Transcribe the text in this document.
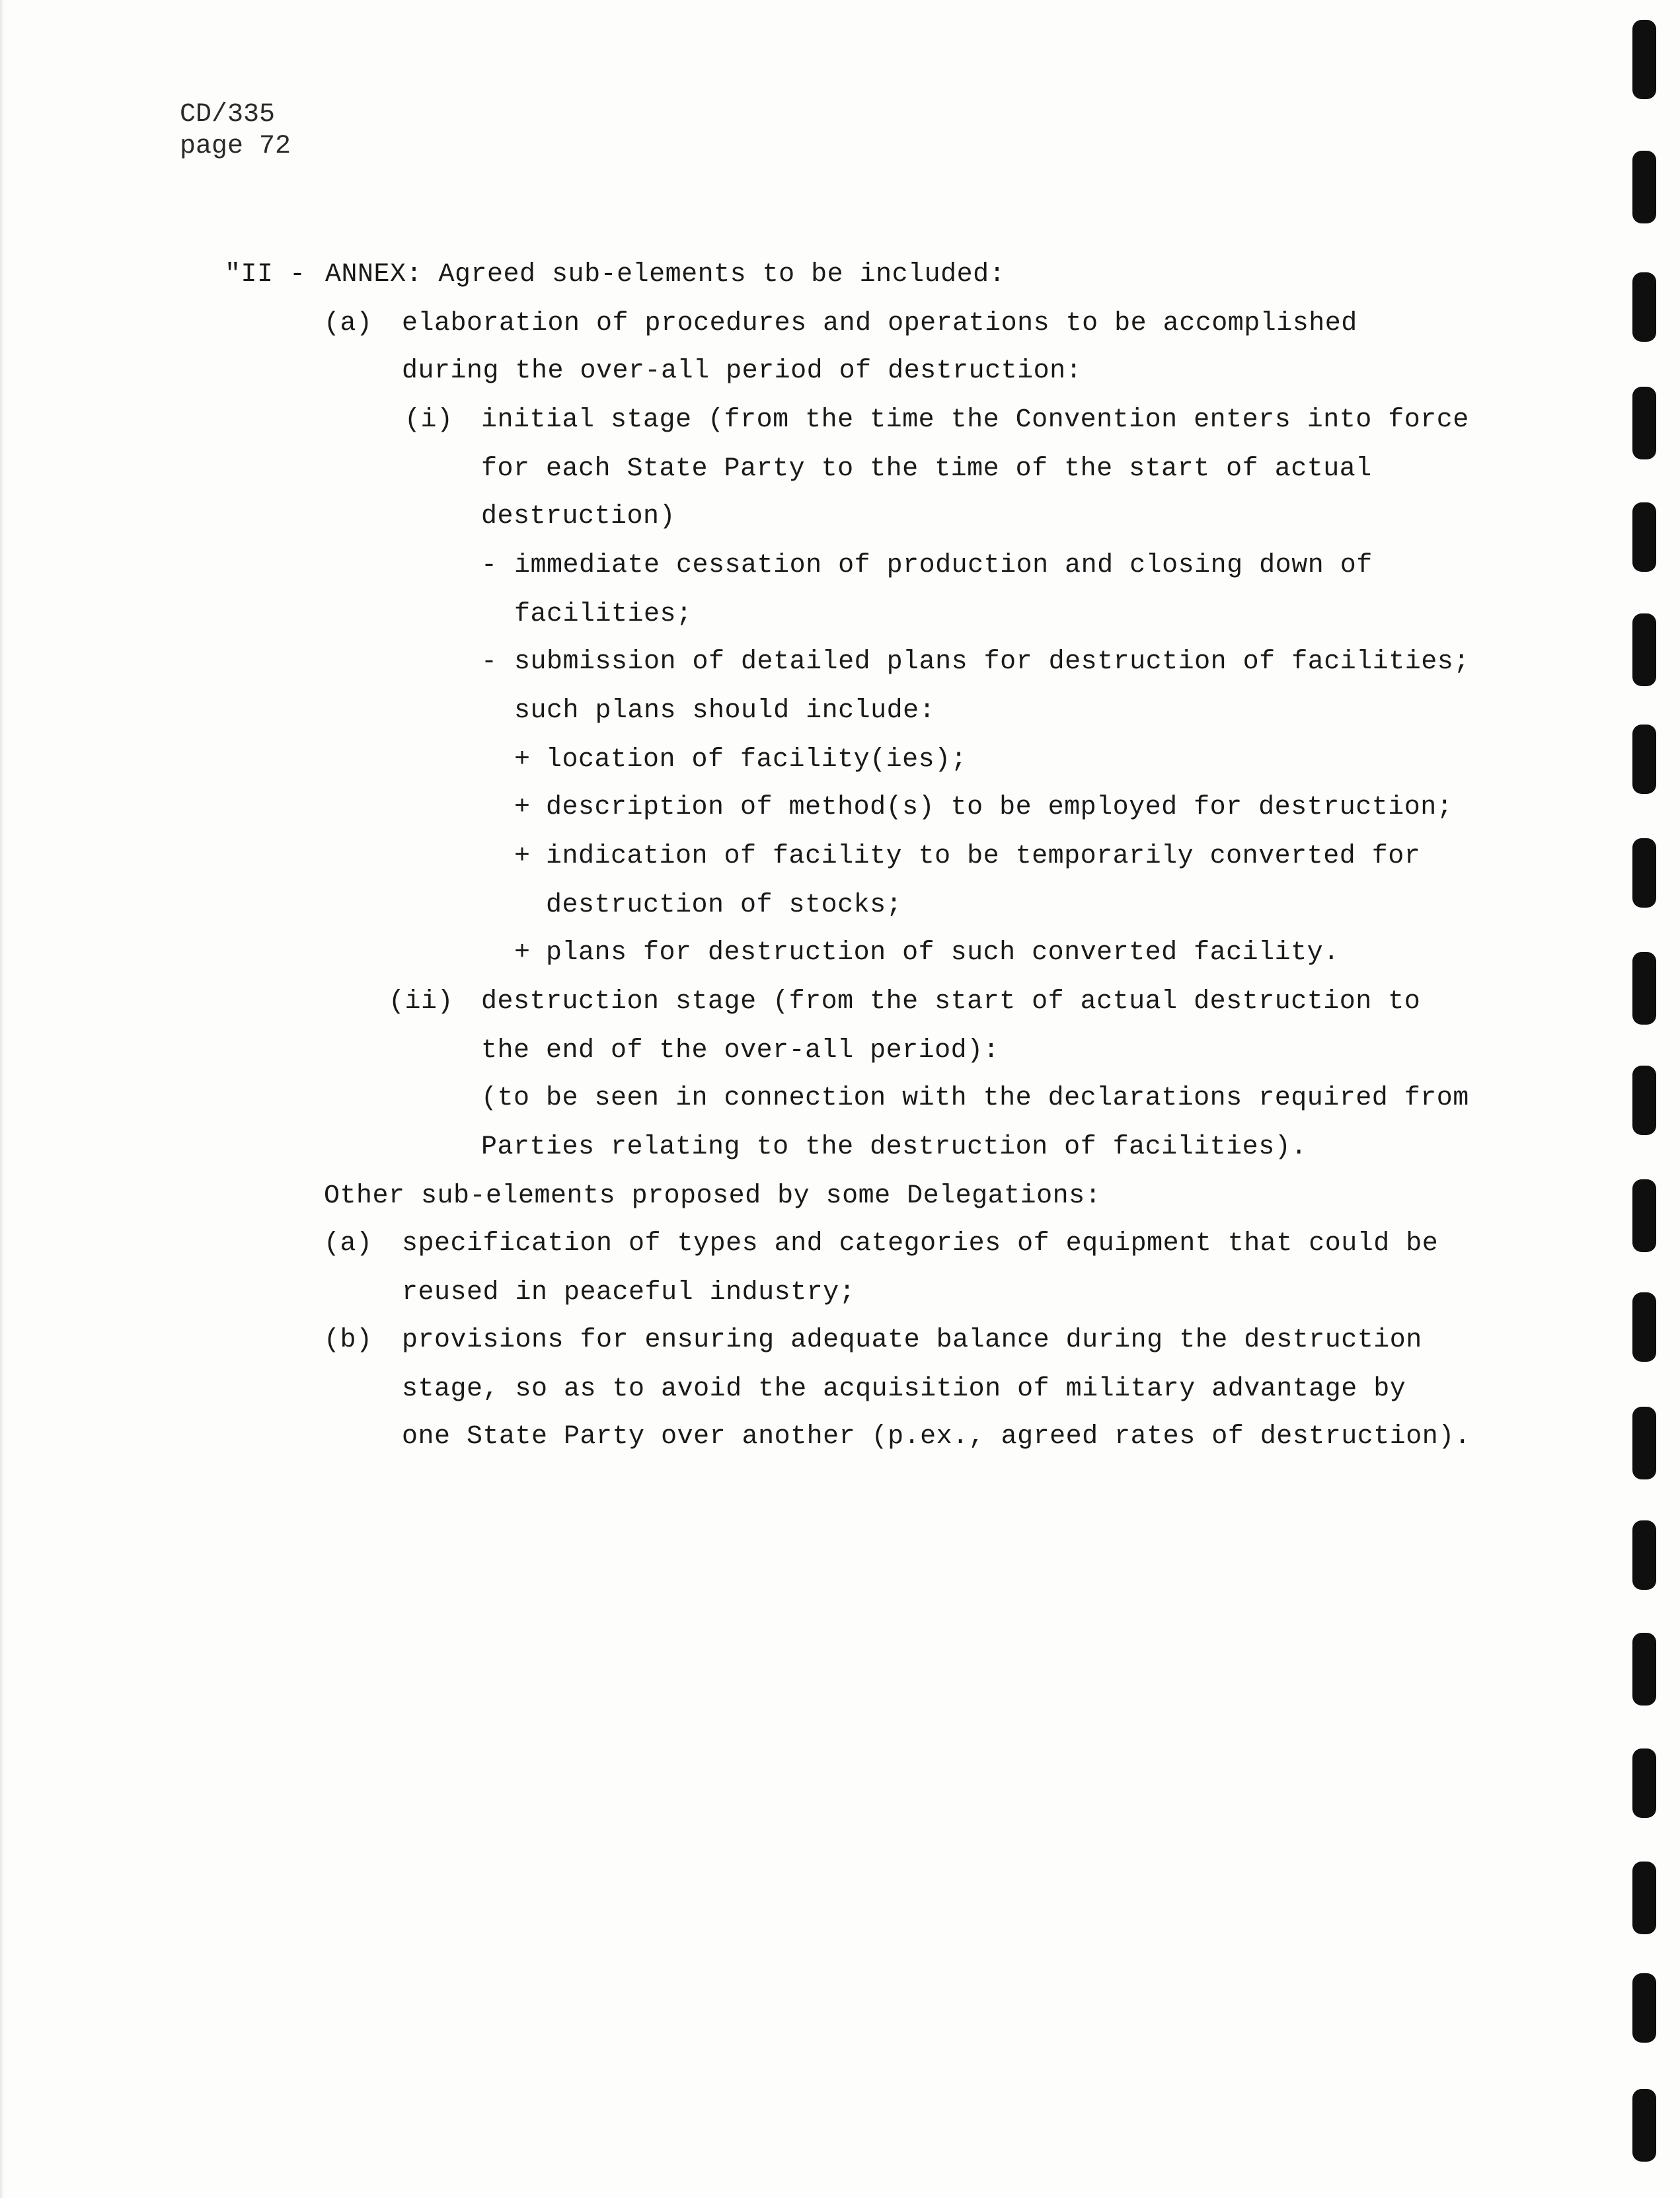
CD/335
page 72
"II - ANNEX: Agreed sub-elements to be included:
(a) elaboration of procedures and operations to be accomplished
during the over-all period of destruction:
(i) initial stage (from the time the Convention enters into force
for each State Party to the time of the start of actual
destruction)
- immediate cessation of production and closing down of
facilities;
- submission of detailed plans for destruction of facilities;
such plans should include:
+ location of facility(ies);
+ description of method(s) to be employed for destruction;
+ indication of facility to be temporarily converted for
destruction of stocks;
+ plans for destruction of such converted facility.
(ii) destruction stage (from the start of actual destruction to
the end of the over-all period):
(to be seen in connection with the declarations required from
Parties relating to the destruction of facilities).
Other sub-elements proposed by some Delegations:
(a) specification of types and categories of equipment that could be
reused in peaceful industry;
(b) provisions for ensuring adequate balance during the destruction
stage, so as to avoid the acquisition of military advantage by
one State Party over another (p.ex., agreed rates of destruction).
